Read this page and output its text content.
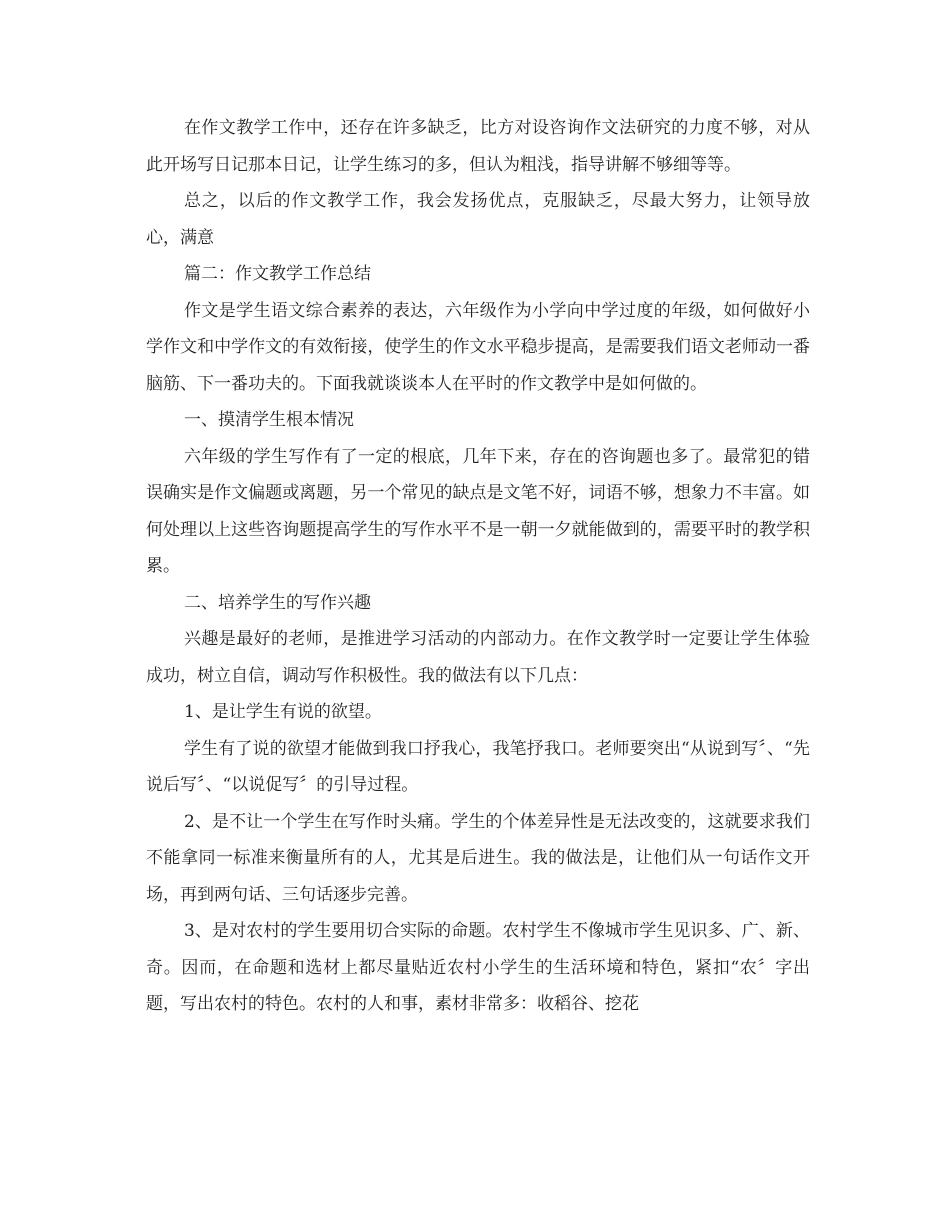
在作文教学工作中，还存在许多缺乏，比方对设咨询作文法研究的力度不够，对从此开场写日记那本日记，让学生练习的多，但认为粗浅，指导讲解不够细等等。

总之，以后的作文教学工作，我会发扬优点，克服缺乏，尽最大努力，让领导放心，满意

篇二：作文教学工作总结

作文是学生语文综合素养的表达，六年级作为小学向中学过度的年级，如何做好小学作文和中学作文的有效衔接，使学生的作文水平稳步提高，是需要我们语文老师动一番脑筋、下一番功夫的。下面我就谈谈本人在平时的作文教学中是如何做的。

一、摸清学生根本情况

六年级的学生写作有了一定的根底，几年下来，存在的咨询题也多了。最常犯的错误确实是作文偏题或离题，另一个常见的缺点是文笔不好，词语不够，想象力不丰富。如何处理以上这些咨询题提高学生的写作水平不是一朝一夕就能做到的，需要平时的教学积累。

二、培养学生的写作兴趣

兴趣是最好的老师，是推进学习活动的内部动力。在作文教学时一定要让学生体验成功，树立自信，调动写作积极性。我的做法有以下几点：

1、是让学生有说的欲望。

学生有了说的欲望才能做到我口抒我心，我笔抒我口。老师要突出“从说到写〞、“先说后写〞、“以说促写〞的引导过程。

2、是不让一个学生在写作时头痛。学生的个体差异性是无法改变的，这就要求我们不能拿同一标准来衡量所有的人，尤其是后进生。我的做法是，让他们从一句话作文开场，再到两句话、三句话逐步完善。

3、是对农村的学生要用切合实际的命题。农村学生不像城市学生见识多、广、新、奇。因而，在命题和选材上都尽量贴近农村小学生的生活环境和特色，紧扣“农〞字出题，写出农村的特色。农村的人和事，素材非常多：收稻谷、挖花
